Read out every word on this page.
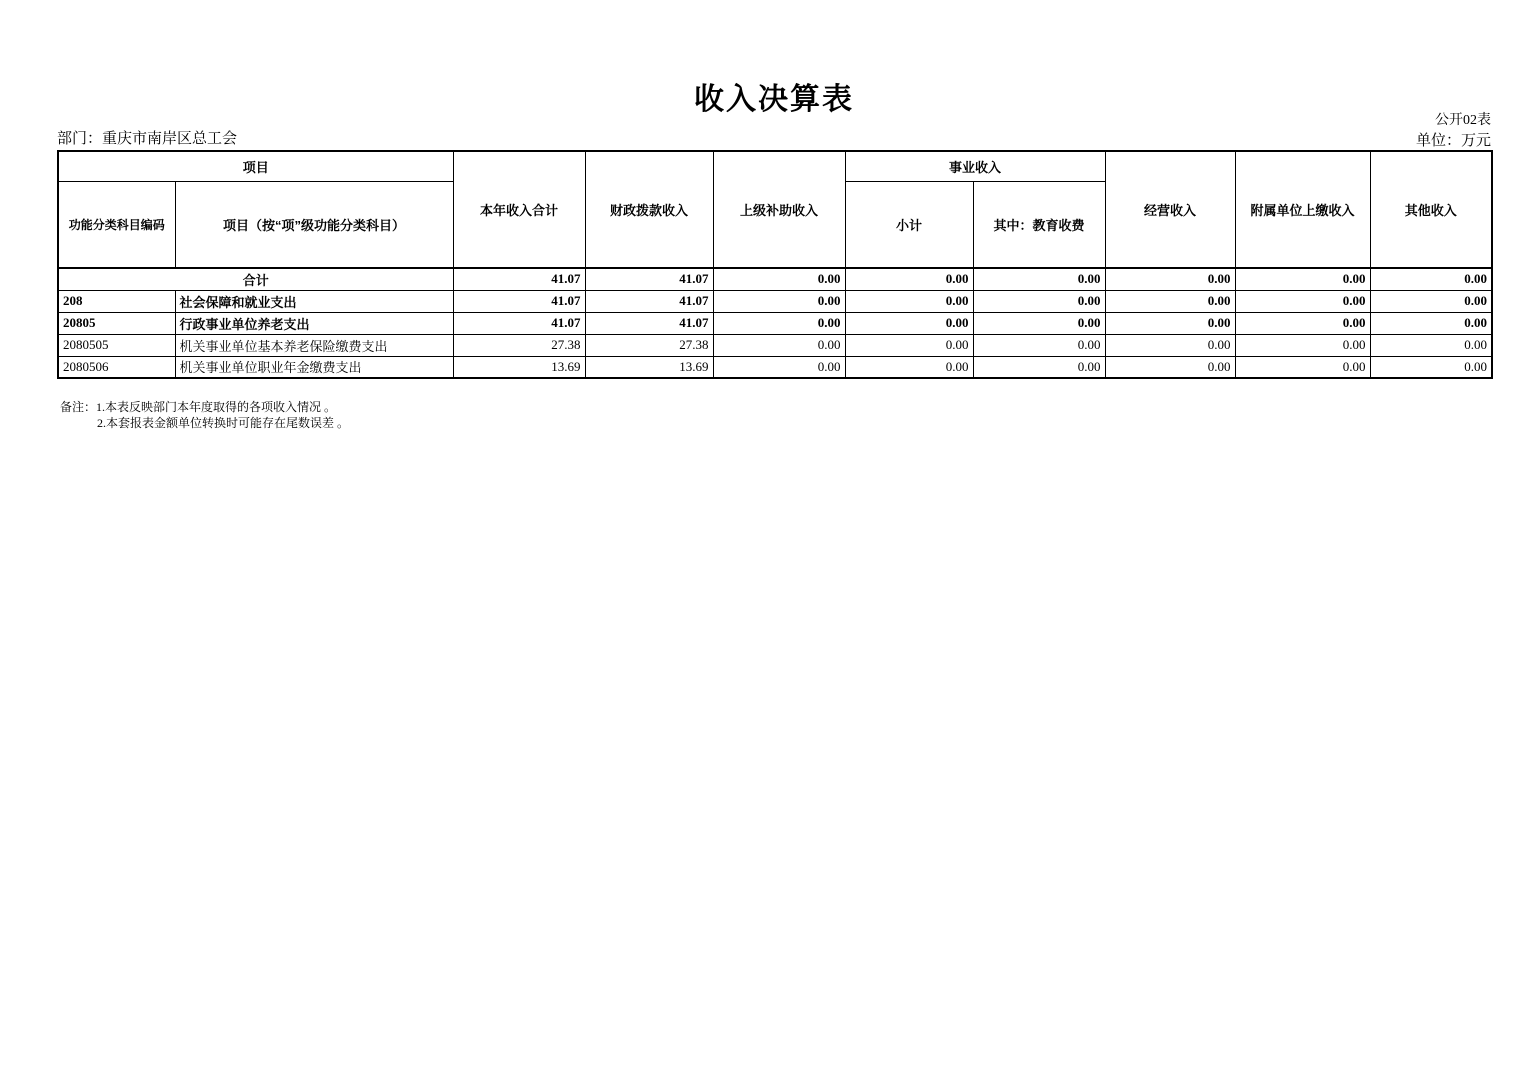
收入决算表
公开02表
部门：重庆市南岸区总工会	单位：万元
项目		本年收入合计	财政拨款收入	上级补助收入	事业收入		经营收入	附属单位上缴收入	其他收入
功能分类科目编码	项目（按“项”级功能分类科目）				小计	其中：教育收费			
合计		41.07	41.07	0.00	0.00	0.00	0.00	0.00	0.00
208	社会保障和就业支出	41.07	41.07	0.00	0.00	0.00	0.00	0.00	0.00
20805	行政事业单位养老支出	41.07	41.07	0.00	0.00	0.00	0.00	0.00	0.00
2080505	机关事业单位基本养老保险缴费支出	27.38	27.38	0.00	0.00	0.00	0.00	0.00	0.00
2080506	机关事业单位职业年金缴费支出	13.69	13.69	0.00	0.00	0.00	0.00	0.00	0.00
备注：1.本表反映部门本年度取得的各项收入情况 。
2.本套报表金额单位转换时可能存在尾数误差 。
